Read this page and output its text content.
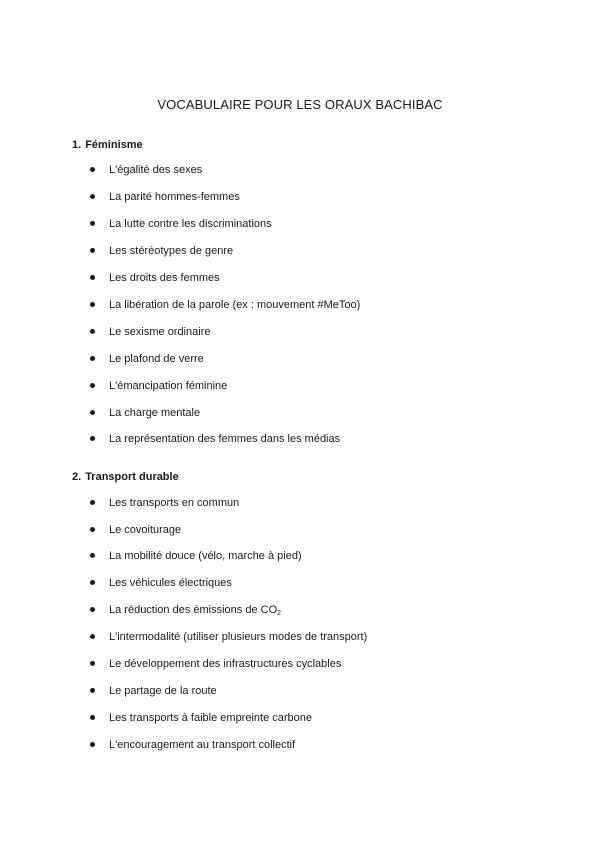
VOCABULAIRE POUR LES ORAUX BACHIBAC
1. Féminisme
L'égalité des sexes
La parité hommes-femmes
La lutte contre les discriminations
Les stéréotypes de genre
Les droits des femmes
La libération de la parole (ex : mouvement #MeToo)
Le sexisme ordinaire
Le plafond de verre
L'émancipation féminine
La charge mentale
La représentation des femmes dans les médias
2. Transport durable
Les transports en commun
Le covoiturage
La mobilité douce (vélo, marche à pied)
Les véhicules électriques
La réduction des émissions de $CO_2$
L'intermodalité (utiliser plusieurs modes de transport)
Le développement des infrastructures cyclables
Le partage de la route
Les transports à faible empreinte carbone
L'encouragement au transport collectif
